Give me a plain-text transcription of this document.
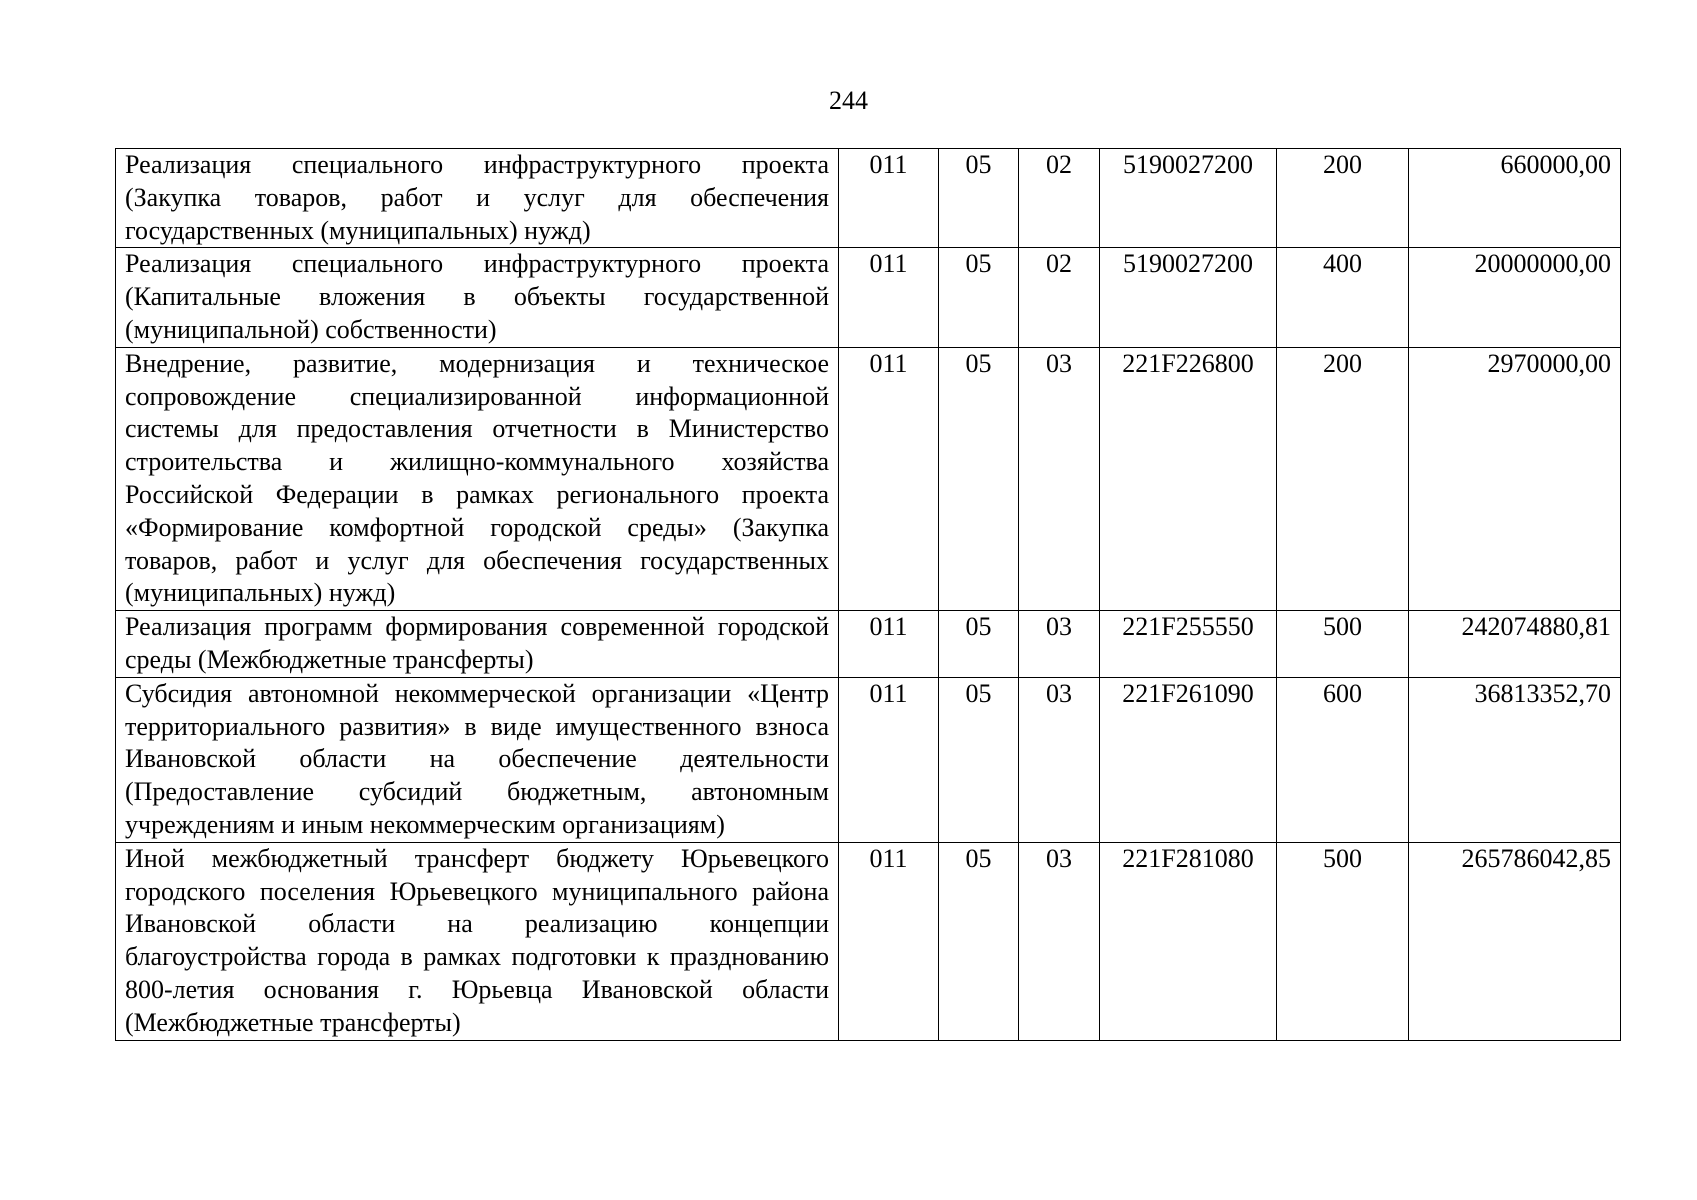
244
Реализация специального инфраструктурного проекта (Закупка товаров, работ и услуг для обеспечения государственных (муниципальных) нужд)	011	05	02	5190027200	200	660000,00
Реализация специального инфраструктурного проекта (Капитальные вложения в объекты государственной (муниципальной) собственности)	011	05	02	5190027200	400	20000000,00
Внедрение, развитие, модернизация и техническое сопровождение специализированной информационной системы для предоставления отчетности в Министерство строительства и жилищно-коммунального хозяйства Российской Федерации в рамках регионального проекта «Формирование комфортной городской среды» (Закупка товаров, работ и услуг для обеспечения государственных (муниципальных) нужд)	011	05	03	221F226800	200	2970000,00
Реализация программ формирования современной городской среды (Межбюджетные трансферты)	011	05	03	221F255550	500	242074880,81
Субсидия автономной некоммерческой организации «Центр территориального развития» в виде имущественного взноса Ивановской области на обеспечение деятельности (Предоставление субсидий бюджетным, автономным учреждениям и иным некоммерческим организациям)	011	05	03	221F261090	600	36813352,70
Иной межбюджетный трансферт бюджету Юрьевецкого городского поселения Юрьевецкого муниципального района Ивановской области на реализацию концепции благоустройства города в рамках подготовки к празднованию 800-летия основания г. Юрьевца Ивановской области (Межбюджетные трансферты)	011	05	03	221F281080	500	265786042,85
